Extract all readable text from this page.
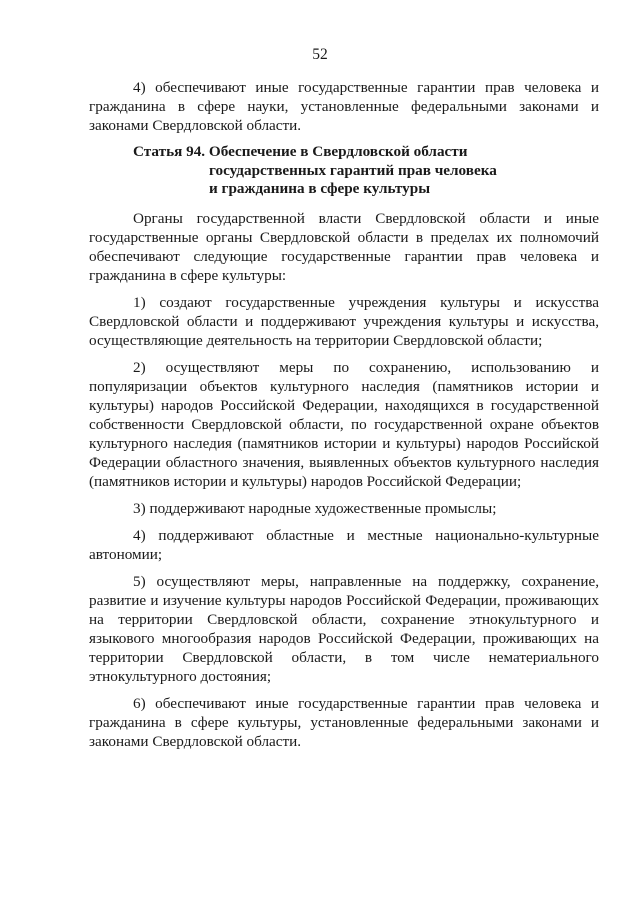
52

4) обеспечивают иные государственные гарантии прав человека и гражданина в сфере науки, установленные федеральными законами и законами Свердловской области.

Статья 94. Обеспечение в Свердловской области
государственных гарантий прав человека
и гражданина в сфере культуры

Органы государственной власти Свердловской области и иные государственные органы Свердловской области в пределах их полномочий обеспечивают следующие государственные гарантии прав человека и гражданина в сфере культуры:

1) создают государственные учреждения культуры и искусства Свердловской области и поддерживают учреждения культуры и искусства, осуществляющие деятельность на территории Свердловской области;

2) осуществляют меры по сохранению, использованию и популяризации объектов культурного наследия (памятников истории и культуры) народов Российской Федерации, находящихся в государственной собственности Свердловской области, по государственной охране объектов культурного наследия (памятников истории и культуры) народов Российской Федерации областного значения, выявленных объектов культурного наследия (памятников истории и культуры) народов Российской Федерации;

3) поддерживают народные художественные промыслы;

4) поддерживают областные и местные национально-культурные автономии;

5) осуществляют меры, направленные на поддержку, сохранение, развитие и изучение культуры народов Российской Федерации, проживающих на территории Свердловской области, сохранение этнокультурного и языкового многообразия народов Российской Федерации, проживающих на территории Свердловской области, в том числе нематериального этнокультурного достояния;

6) обеспечивают иные государственные гарантии прав человека и гражданина в сфере культуры, установленные федеральными законами и законами Свердловской области.
